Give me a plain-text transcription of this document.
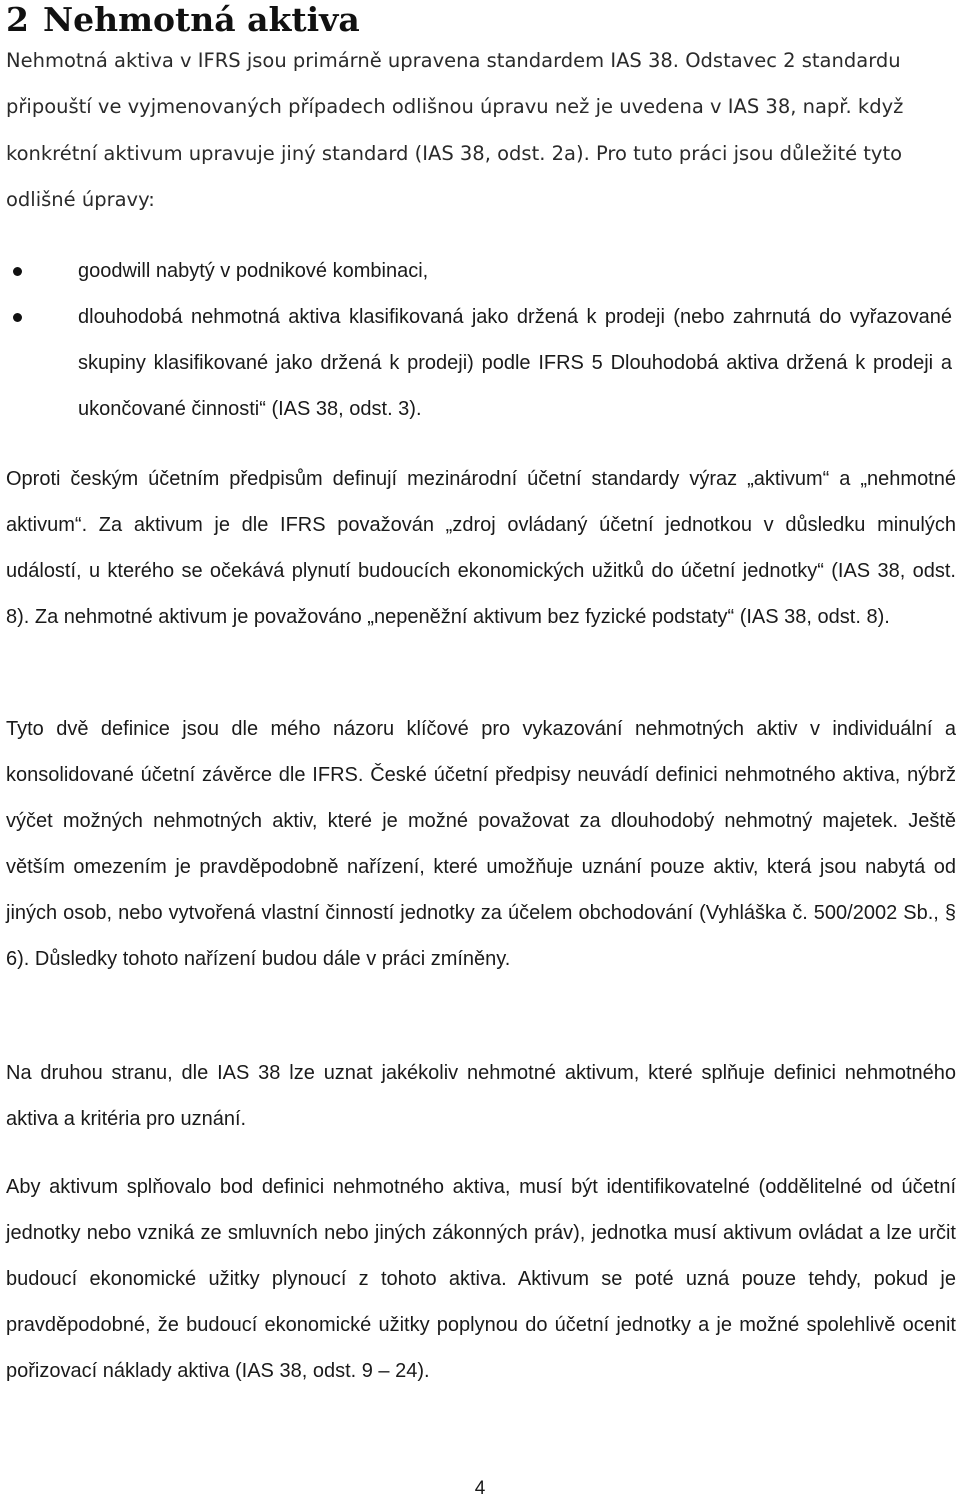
2 Nehmotná aktiva

Nehmotná aktiva v IFRS jsou primárně upravena standardem IAS 38. Odstavec 2 standardu připouští ve vyjmenovaných případech odlišnou úpravu než je uvedena v IAS 38, např. když konkrétní aktivum upravuje jiný standard (IAS 38, odst. 2a). Pro tuto práci jsou důležité tyto odlišné úpravy:

goodwill nabytý v podnikové kombinaci,
dlouhodobá nehmotná aktiva klasifikovaná jako držená k prodeji (nebo zahrnutá do vyřazované skupiny klasifikované jako držená k prodeji) podle IFRS 5 Dlouhodobá aktiva držená k prodeji a ukončované činnosti“ (IAS 38, odst. 3).

Oproti českým účetním předpisům definují mezinárodní účetní standardy výraz „aktivum“ a „nehmotné aktivum“. Za aktivum je dle IFRS považován „zdroj ovládaný účetní jednotkou v důsledku minulých událostí, u kterého se očekává plynutí budoucích ekonomických užitků do účetní jednotky“ (IAS 38, odst. 8). Za nehmotné aktivum je považováno „nepeněžní aktivum bez fyzické podstaty“ (IAS 38, odst. 8).

Tyto dvě definice jsou dle mého názoru klíčové pro vykazování nehmotných aktiv v individuální a konsolidované účetní závěrce dle IFRS. České účetní předpisy neuvádí definici nehmotného aktiva, nýbrž výčet možných nehmotných aktiv, které je možné považovat za dlouhodobý nehmotný majetek. Ještě větším omezením je pravděpodobně nařízení, které umožňuje uznání pouze aktiv, která jsou nabytá od jiných osob, nebo vytvořená vlastní činností jednotky za účelem obchodování (Vyhláška č. 500/2002 Sb., § 6). Důsledky tohoto nařízení budou dále v práci zmíněny.

Na druhou stranu, dle IAS 38 lze uznat jakékoliv nehmotné aktivum, které splňuje definici nehmotného aktiva a kritéria pro uznání.

Aby aktivum splňovalo bod definici nehmotného aktiva, musí být identifikovatelné (oddělitelné od účetní jednotky nebo vzniká ze smluvních nebo jiných zákonných práv), jednotka musí aktivum ovládat a lze určit budoucí ekonomické užitky plynoucí z tohoto aktiva. Aktivum se poté uzná pouze tehdy, pokud je pravděpodobné, že budoucí ekonomické užitky poplynou do účetní jednotky a je možné spolehlivě ocenit pořizovací náklady aktiva (IAS 38, odst. 9 – 24).

4
